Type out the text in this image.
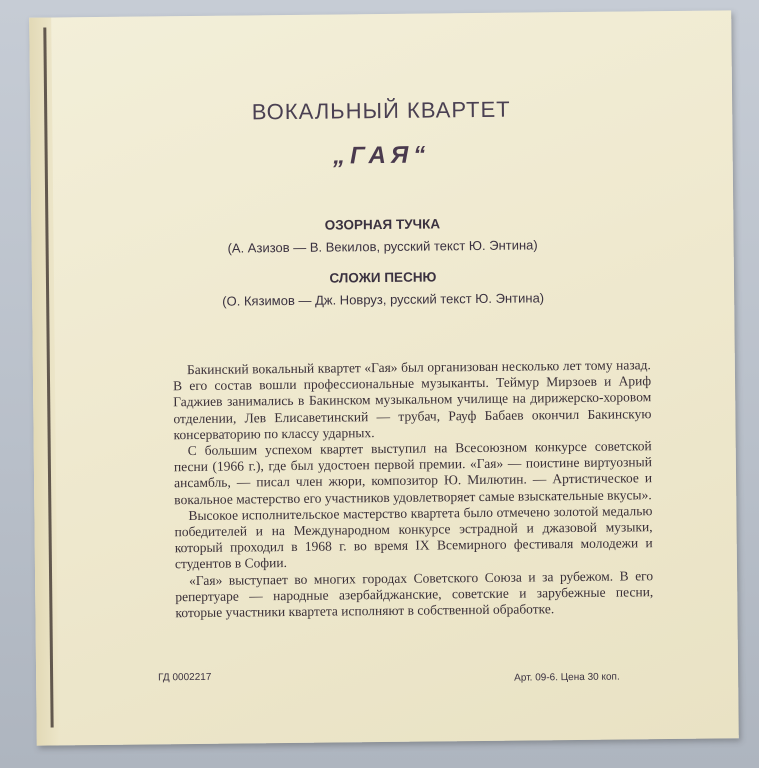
ВОКАЛЬНЫЙ КВАРТЕТ
„ГАЯ“
ОЗОРНАЯ ТУЧКА
(А. Азизов — В. Векилов, русский текст Ю. Энтина)
СЛОЖИ ПЕСНЮ
(О. Кязимов — Дж. Новруз, русский текст Ю. Энтина)

Бакинский вокальный квартет «Гая» был организован несколько лет тому назад. В его состав вошли профессиональные музыканты. Теймур Мирзоев и Ариф Гаджиев занимались в Бакинском музыкальном училище на дирижерско-хоровом отделении, Лев Елисаветинский — трубач, Рауф Бабаев окончил Бакинскую консерваторию по классу ударных.

С большим успехом квартет выступил на Всесоюзном конкурсе советской песни (1966 г.), где был удостоен первой премии. «Гая» — поистине виртуозный ансамбль, — писал член жюри, композитор Ю. Милютин. — Артистическое и вокальное мастерство его участников удовлетворяет самые взыскательные вкусы».

Высокое исполнительское мастерство квартета было отмечено золотой медалью победителей и на Международном конкурсе эстрадной и джазовой музыки, который проходил в 1968 г. во время IX Всемирного фестиваля молодежи и студентов в Софии.

«Гая» выступает во многих городах Советского Союза и за рубежом. В его репертуаре — народные азербайджанские, советские и зарубежные песни, которые участники квартета исполняют в собственной обработке.

ГД 0002217	Арт. 09-6. Цена 30 коп.
